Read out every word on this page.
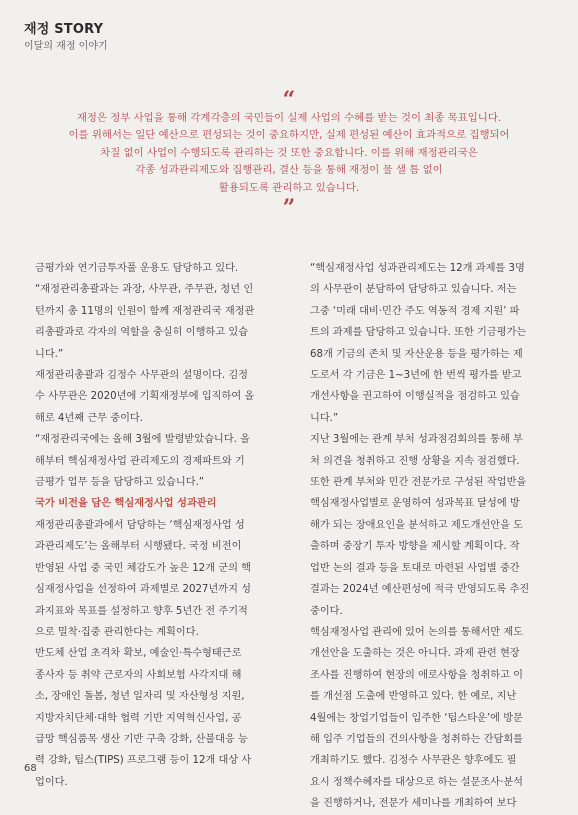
재정 STORY
이달의 재정 이야기
“
재정은 정부 사업을 통해 각계각층의 국민들이 실제 사업의 수혜를 받는 것이 최종 목표입니다.
이를 위해서는 일단 예산으로 편성되는 것이 중요하지만, 실제 편성된 예산이 효과적으로 집행되어
차질 없이 사업이 수행되도록 관리하는 것 또한 중요합니다. 이를 위해 재정관리국은
각종 성과관리제도와 집행관리, 결산 등을 통해 재정이 물 샐 틈 없이
활용되도록 관리하고 있습니다.
”

금평가와 연기금투자풀 운용도 담당하고 있다.

“재정관리총괄과는 과장, 사무관, 주무관, 청년 인
턴까지 총 11명의 인원이 함께 재정관리국 재정관
리총괄과로 각자의 역할을 충실히 이행하고 있습
니다.”

재정관리총괄과 김정수 사무관의 설명이다. 김정
수 사무관은 2020년에 기획재정부에 입직하여 올
해로 4년째 근무 중이다.

“재정관리국에는 올해 3월에 발령받았습니다. 올
해부터 핵심재정사업 관리제도의 경제파트와 기
금평가 업무 등을 담당하고 있습니다.”

국가 비전을 담은 핵심재정사업 성과관리

재정관리총괄과에서 담당하는 ‘핵심재정사업 성
과관리제도’는 올해부터 시행됐다. 국정 비전이
반영된 사업 중 국민 체감도가 높은 12개 군의 핵
심재정사업을 선정하여 과제별로 2027년까지 성
과지표와 목표를 설정하고 향후 5년간 전 주기적
으로 밀착·집중 관리한다는 계획이다.

반도체 산업 초격차 확보, 예술인·특수형태근로
종사자 등 취약 근로자의 사회보험 사각지대 해
소, 장애인 돌봄, 청년 일자리 및 자산형성 지원,
지방자치단체·대학 협력 기반 지역혁신사업, 공
급망 핵심품목 생산 기반 구축 강화, 산불대응 능
력 강화, 팁스(TIPS) 프로그램 등이 12개 대상 사
업이다.

“핵심재정사업 성과관리제도는 12개 과제를 3명
의 사무관이 분담하여 담당하고 있습니다. 저는
그중 ‘미래 대비·민간 주도 역동적 경제 지원’ 파
트의 과제를 담당하고 있습니다. 또한 기금평가는
68개 기금의 존치 및 자산운용 등을 평가하는 제
도로서 각 기금은 1~3년에 한 번씩 평가를 받고
개선사항을 권고하여 이행실적을 점검하고 있습
니다.”

지난 3월에는 관계 부처 성과점검회의를 통해 부
처 의견을 청취하고 진행 상황을 지속 점검했다.
또한 관계 부처와 민간 전문가로 구성된 작업반을
핵심재정사업별로 운영하여 성과목표 달성에 방
해가 되는 장애요인을 분석하고 제도개선안을 도
출하며 중장기 투자 방향을 제시할 계획이다. 작
업반 논의 결과 등을 토대로 마련된 사업별 중간
결과는 2024년 예산편성에 적극 반영되도록 추진
중이다.

핵심재정사업 관리에 있어 논의를 통해서만 제도
개선안을 도출하는 것은 아니다. 과제 관련 현장
조사를 진행하여 현장의 애로사항을 청취하고 이
를 개선점 도출에 반영하고 있다. 한 예로, 지난
4월에는 창업기업들이 입주한 ‘팁스타운’에 방문
해 입주 기업들의 건의사항을 청취하는 간담회를
개최하기도 했다. 김정수 사무관은 향후에도 필
요시 정책수혜자를 대상으로 하는 설문조사·분석
을 진행하거나, 전문가 세미나를 개최하여 보다

68
